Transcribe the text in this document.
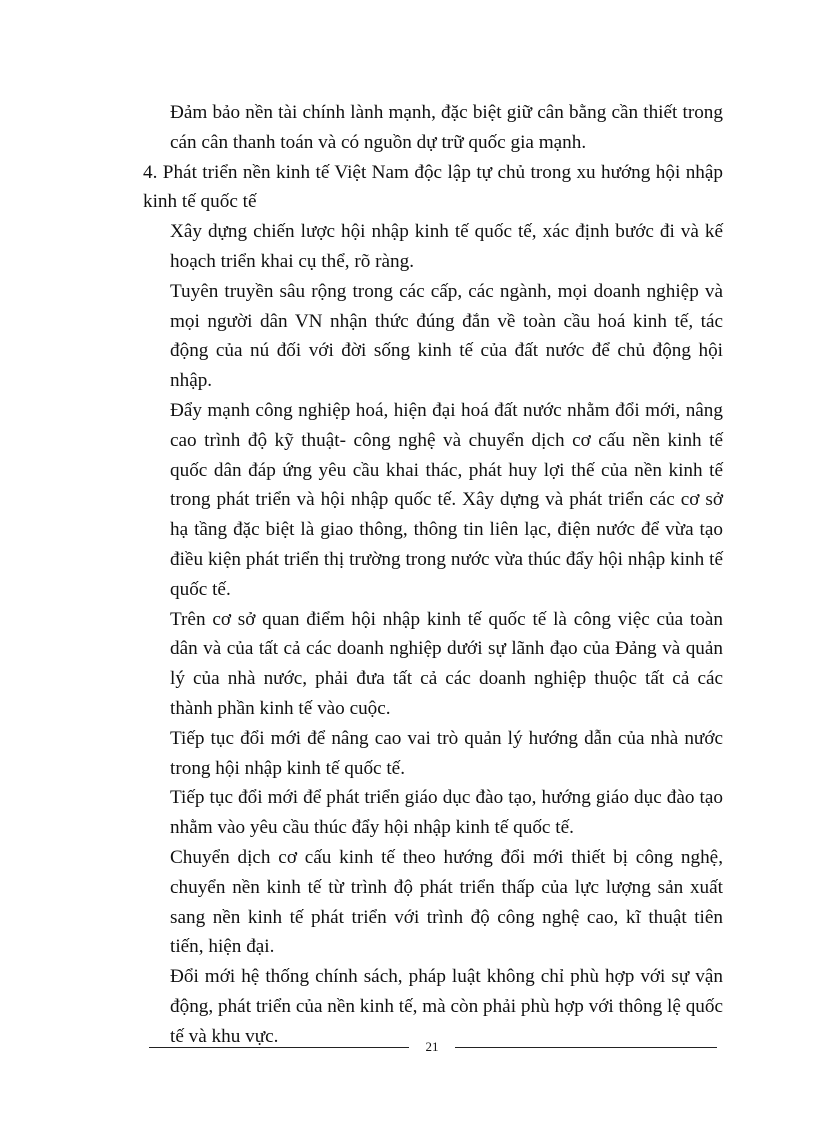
Đảm bảo nền tài chính lành mạnh, đặc biệt giữ cân bằng cần thiết trong cán cân thanh toán và có nguồn dự trữ quốc gia mạnh.

4. Phát triển nền kinh tế Việt Nam độc lập tự chủ trong xu hướng hội nhập kinh tế quốc tế

Xây dựng chiến lược hội nhập kinh tế quốc tế, xác định bước đi và kế hoạch triển khai cụ thể, rõ ràng.

Tuyên truyền sâu rộng trong các cấp, các ngành, mọi doanh nghiệp và mọi người dân VN nhận thức đúng đắn về toàn cầu hoá kinh tế, tác động của nú đối với đời sống kinh tế của đất nước để chủ động hội nhập.

Đẩy mạnh công nghiệp hoá, hiện đại hoá đất nước nhằm đổi mới, nâng cao trình độ kỹ thuật- công nghệ và chuyển dịch cơ cấu nền kinh tế quốc dân đáp ứng yêu cầu khai thác, phát huy lợi thế của nền kinh tế trong phát triển và hội nhập quốc tế. Xây dựng và phát triển các cơ sở hạ tầng đặc biệt là giao thông, thông tin liên lạc, điện nước để vừa tạo điều kiện phát triển thị trường trong nước vừa thúc đẩy hội nhập kinh tế quốc tế.

Trên cơ sở quan điểm hội nhập kinh tế quốc tế là công việc của toàn dân và của tất cả các doanh nghiệp dưới sự lãnh đạo của Đảng và quản lý của nhà nước, phải đưa tất cả các doanh nghiệp thuộc tất cả các thành phần kinh tế vào cuộc.

Tiếp tục đổi mới để nâng cao vai trò quản lý hướng dẫn của nhà nước trong hội nhập kinh tế quốc tế.

Tiếp tục đổi mới để phát triển giáo dục đào tạo, hướng giáo dục đào tạo nhằm vào yêu cầu thúc đẩy hội nhập kinh tế quốc tế.

Chuyển dịch cơ cấu kinh tế theo hướng đổi mới thiết bị công nghệ, chuyển nền kinh tế từ trình độ phát triển thấp của lực lượng sản xuất sang nền kinh tế phát triển với trình độ công nghệ cao, kĩ thuật tiên tiến, hiện đại.

Đổi mới hệ thống chính sách, pháp luật không chỉ phù hợp với sự vận động, phát triển của nền kinh tế, mà còn phải phù hợp với thông lệ quốc tế và khu vực.	21
